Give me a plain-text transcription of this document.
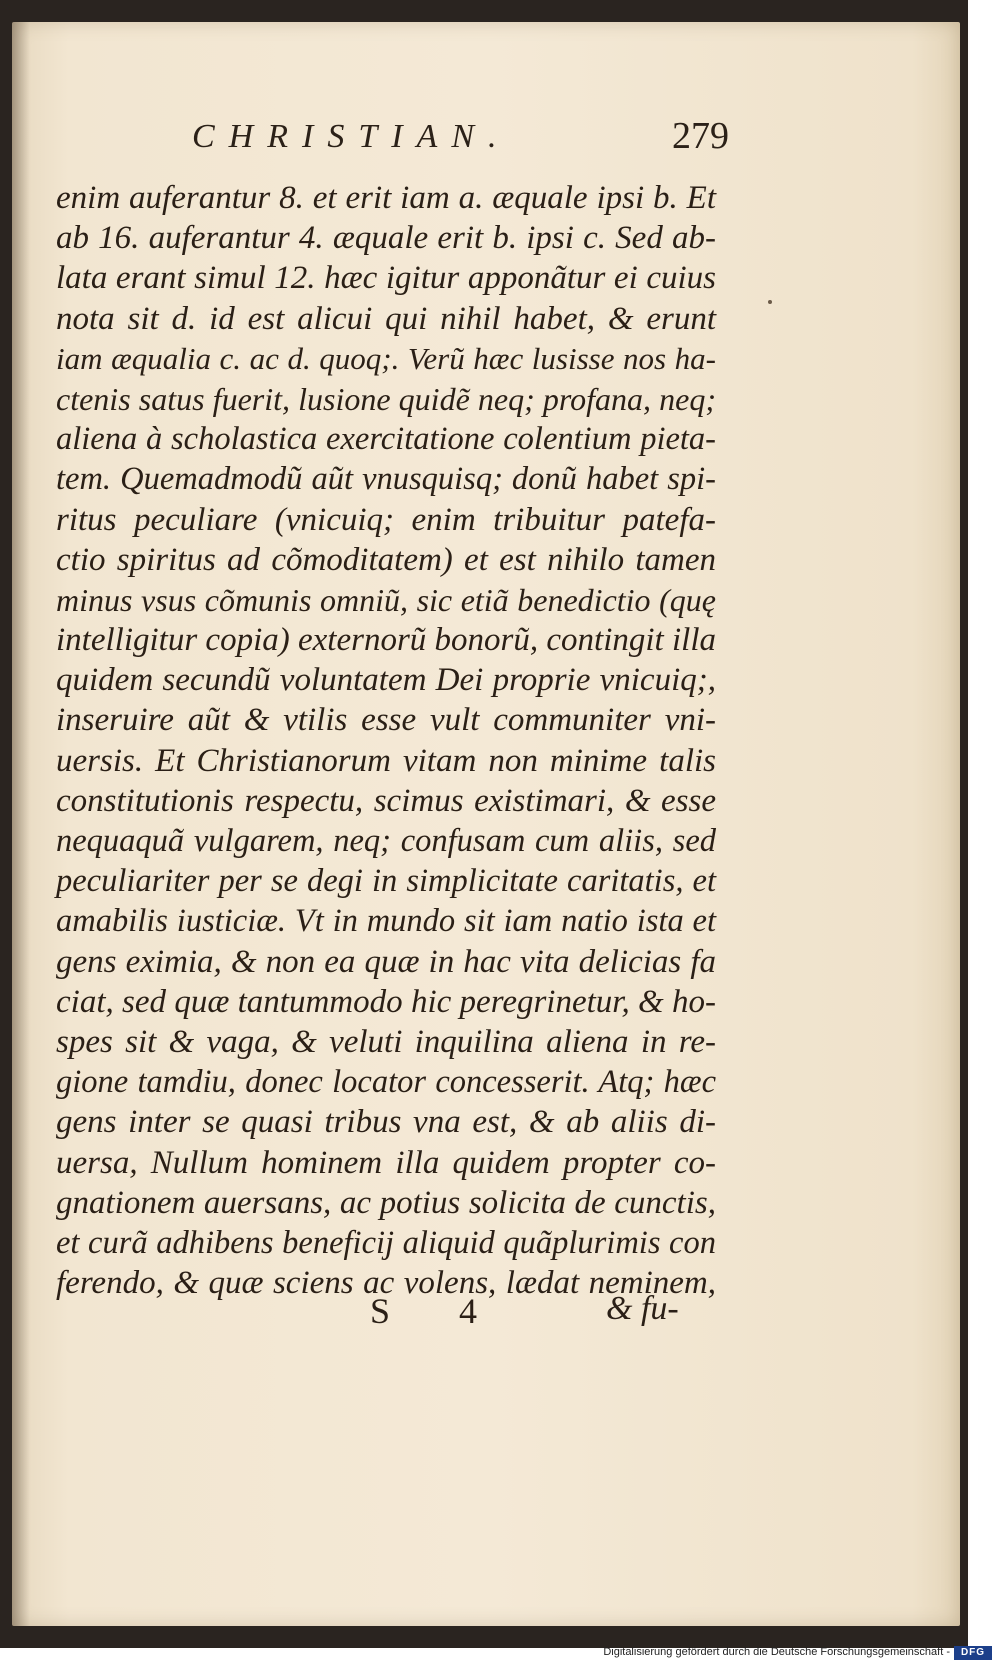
CHRISTIAN.	279
enim auferantur 8. et erit iam a. æquale ipsi b. Et
ab 16. auferantur 4. æquale erit b. ipsi c. Sed ab-
lata erant simul 12. hæc igitur apponãtur ei cuius
nota sit d. id est alicui qui nihil habet, & erunt
iam æqualia c. ac d. quoq;. Verũ hæc lusisse nos ha-
ctenis satus fuerit, lusione quidẽ neq; profana, neq;
aliena à scholastica exercitatione colentium pieta-
tem. Quemadmodũ aũt vnusquisq; donũ habet spi-
ritus peculiare (vnicuiq; enim tribuitur patefa-
ctio spiritus ad cõmoditatem) et est nihilo tamen
minus vsus cõmunis omniũ, sic etiã benedictio (quę
intelligitur copia) externorũ bonorũ, contingit illa
quidem secundũ voluntatem Dei proprie vnicuiq;,
inseruire aũt & vtilis esse vult communiter vni-
uersis. Et Christianorum vitam non minime talis
constitutionis respectu, scimus existimari, & esse
nequaquã vulgarem, neq; confusam cum aliis, sed
peculiariter per se degi in simplicitate caritatis, et
amabilis iusticiæ. Vt in mundo sit iam natio ista et
gens eximia, & non ea quæ in hac vita delicias fa
ciat, sed quæ tantummodo hic peregrinetur, & ho-
spes sit & vaga, & veluti inquilina aliena in re-
gione tamdiu, donec locator concesserit. Atq; hæc
gens inter se quasi tribus vna est, & ab aliis di-
uersa, Nullum hominem illa quidem propter co-
gnationem auersans, ac potius solicita de cunctis,
et curã adhibens beneficij aliquid quãplurimis con
ferendo, & quæ sciens ac volens, lædat neminem,
S 4	& fu-
Digitalisierung gefördert durch die Deutsche Forschungsgemeinschaft -	DFG
